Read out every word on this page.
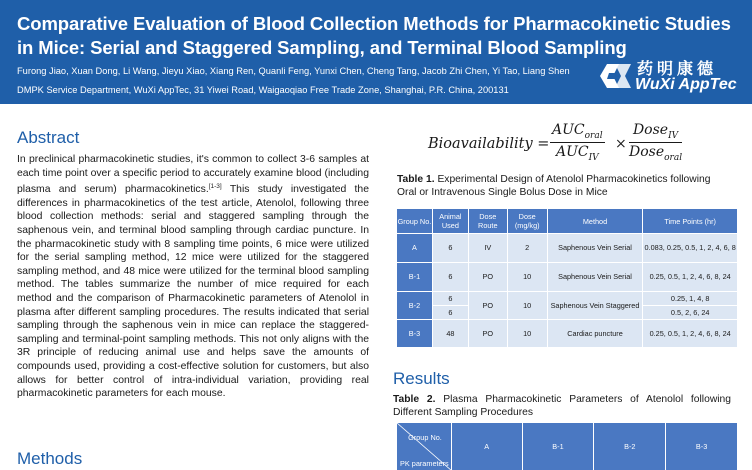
Comparative Evaluation of Blood Collection Methods for Pharmacokinetic Studies in Mice: Serial and Staggered Sampling, and Terminal Blood Sampling
Furong Jiao, Xuan Dong, Li Wang, Jieyu Xiao, Xiang Ren, Quanli Feng, Yunxi Chen, Cheng Tang, Jacob Zhi Chen, Yi Tao, Liang Shen
DMPK Service Department, WuXi AppTec, 31 Yiwei Road, Waigaoqiao Free Trade Zone, Shanghai, P.R. China, 200131
药明康德
WuXi AppTec
Abstract
In preclinical pharmacokinetic studies, it's common to collect 3-6 samples at each time point over a specific period to accurately examine blood (including plasma and serum) pharmacokinetics.[1-3] This study investigated the differences in pharmacokinetics of the test article, Atenolol, following three blood collection methods: serial and staggered sampling through the saphenous vein, and terminal blood sampling through cardiac puncture. In the pharmacokinetic study with 8 sampling time points, 6 mice were utilized for the serial sampling method, 12 mice were utilized for the staggered sampling method, and 48 mice were utilized for the terminal blood sampling method. The tables summarize the number of mice required for each method and the comparison of Pharmacokinetic parameters of Atenolol in plasma after different sampling procedures. The results indicated that serial sampling through the saphenous vein in mice can replace the staggered-sampling and terminal-point sampling methods. This not only aligns with the 3R principle of reducing animal use and helps save the amounts of compounds used, providing a cost-effective solution for customers, but also allows for better control of intra-individual variation, providing real pharmacokinetic parameters for each mouse.
Methods
Bioavailability =
$AUC_{oral}$
$AUC_{IV}$
×
Dose$_{IV}$
Dose$_{oral}$
Table 1. Experimental Design of Atenolol Pharmacokinetics following Oral or Intravenous Single Bolus Dose in Mice
Group No.	Animal Used	Dose Route	Dose (mg/kg)	Method	Time Points (hr)
A	6	IV	2	Saphenous Vein Serial	0.083, 0.25, 0.5, 1, 2, 4, 6, 8
B-1	6	PO	10	Saphenous Vein Serial	0.25, 0.5, 1, 2, 4, 6, 8, 24
B-2	6	PO	10	Saphenous Vein Staggered	0.25, 1, 4, 8
	6				0.5, 2, 6, 24
B-3	48	PO	10	Cardiac puncture	0.25, 0.5, 1, 2, 4, 6, 8, 24
Results
Table 2. Plasma Pharmacokinetic Parameters of Atenolol following Different Sampling Procedures
Group No.
PK parameters
	A	B-1	B-2	B-3
